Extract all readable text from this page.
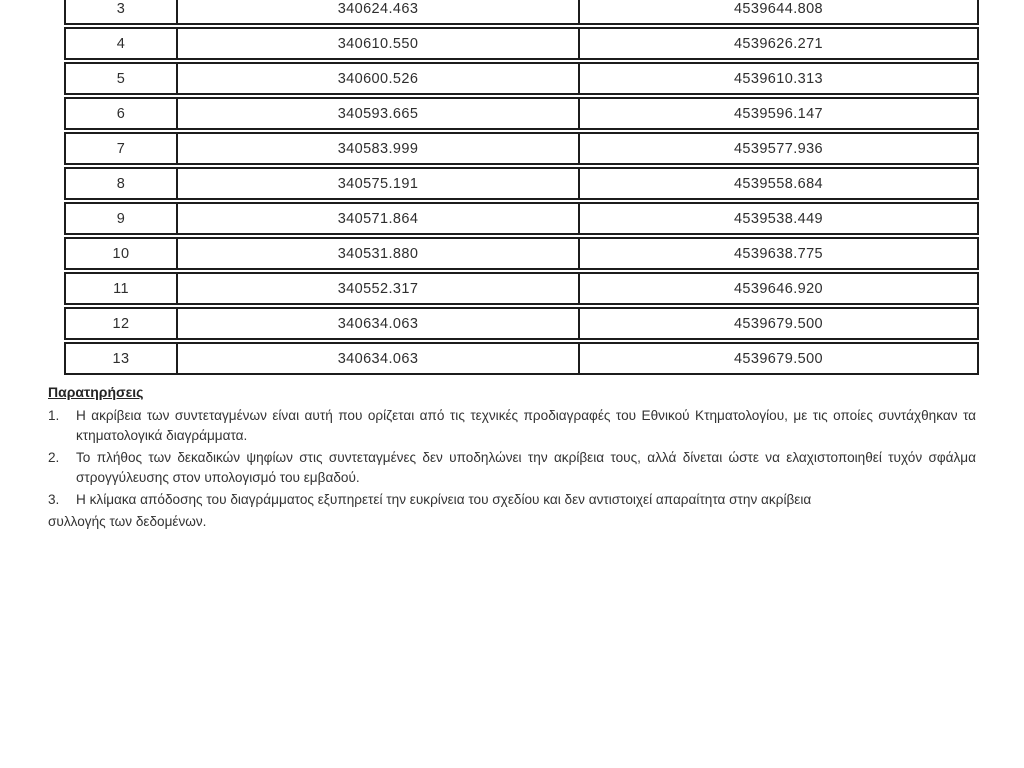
3	340624.463	4539644.808
4	340610.550	4539626.271
5	340600.526	4539610.313
6	340593.665	4539596.147
7	340583.999	4539577.936
8	340575.191	4539558.684
9	340571.864	4539538.449
10	340531.880	4539638.775
11	340552.317	4539646.920
12	340634.063	4539679.500
13	340634.063	4539679.500
Παρατηρήσεις
1. Η ακρίβεια των συντεταγμένων είναι αυτή που ορίζεται από τις τεχνικές προδιαγραφές του Εθνικού Κτηματολογίου, με τις οποίες συντάχθηκαν τα κτηματολογικά διαγράμματα.
2. Το πλήθος των δεκαδικών ψηφίων στις συντεταγμένες δεν υποδηλώνει την ακρίβεια τους, αλλά δίνεται ώστε να ελαχιστοποιηθεί τυχόν σφάλμα στρογγύλευσης στον υπολογισμό του εμβαδού.
3. Η κλίμακα απόδοσης του διαγράμματος εξυπηρετεί την ευκρίνεια του σχεδίου και δεν αντιστοιχεί απαραίτητα στην ακρίβεια
συλλογής των δεδομένων.
